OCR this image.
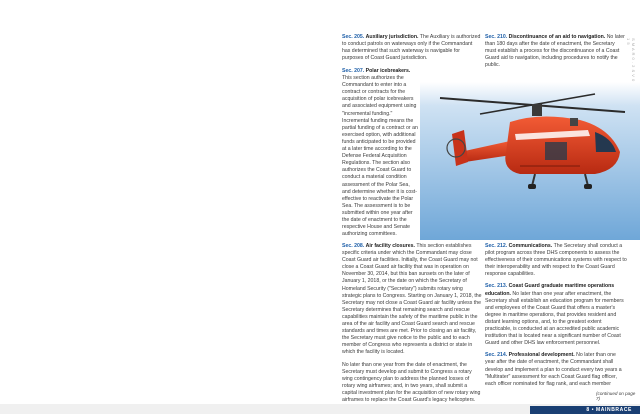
S M A R 0 . 2 S V 0 1 5

Sec. 205. Auxiliary jurisdiction. The Auxiliary is authorized to conduct patrols on waterways only if the Commandant has determined that such waterway is navigable for purposes of Coast Guard jurisdiction.

Sec. 207. Polar icebreakers. This section authorizes the Commandant to enter into a contract or contracts for the acquisition of polar icebreakers and associated equipment using "incremental funding." Incremental funding means the partial funding of a contract or an exercised option, with additional funds anticipated to be provided at a later time according to the Defense Federal Acquisition Regulations. The section also authorizes the Coast Guard to conduct a material condition assessment of the Polar Sea, and determine whether it is cost-effective to reactivate the Polar Sea. The assessment is to be submitted within one year after the date of enactment to the respective House and Senate authorizing committees.

Sec. 210. Discontinuance of an aid to navigation. No later than 180 days after the date of enactment, the Secretary must establish a process for the discontinuance of a Coast Guard aid to navigation, including procedures to notify the public.

Sec. 208. Air facility closures. This section establishes specific criteria under which the Commandant may close Coast Guard air facilities. Initially, the Coast Guard may not close a Coast Guard air facility that was in operation on November 30, 2014, but this ban sunsets on the later of January 1, 2018, or the date on which the Secretary of Homeland Security ("Secretary") submits rotary wing strategic plans to Congress. Starting on January 1, 2018, the Secretary may not close a Coast Guard air facility unless the Secretary determines that remaining search and rescue capabilities maintain the safety of the maritime public in the area of the air facility and Coast Guard search and rescue standards and times are met. Prior to closing an air facility, the Secretary must give notice to the public and to each member of Congress who represents a district or state in which the facility is located.

No later than one year from the date of enactment, the Secretary must develop and submit to Congress a rotary wing contingency plan to address the planned losses of rotary wing airframes; and, in two years, shall submit a capital investment plan for the acquisition of new rotary wing airframes to replace the Coast Guard's legacy helicopters.

Sec. 212. Communications. The Secretary shall conduct a pilot program across three DHS components to assess the effectiveness of their communications systems with respect to their interoperability and with respect to the Coast Guard response capabilities.

Sec. 213. Coast Guard graduate maritime operations education. No later than one year after enactment, the Secretary shall establish an education program for members and employees of the Coast Guard that offers a master's degree in maritime operations, that provides resident and distant learning options, and, to the greatest extent practicable, is conducted at an accredited public academic institution that is located near a significant number of Coast Guard and other DHS law enforcement personnel.

Sec. 214. Professional development. No later than one year after the date of enactment, the Commandant shall develop and implement a plan to conduct every two years a "Multirater" assessment for each Coast Guard flag officer, each officer nominated for flag rank, and each member

(continued on page 7)
8 • MAINBRACE
